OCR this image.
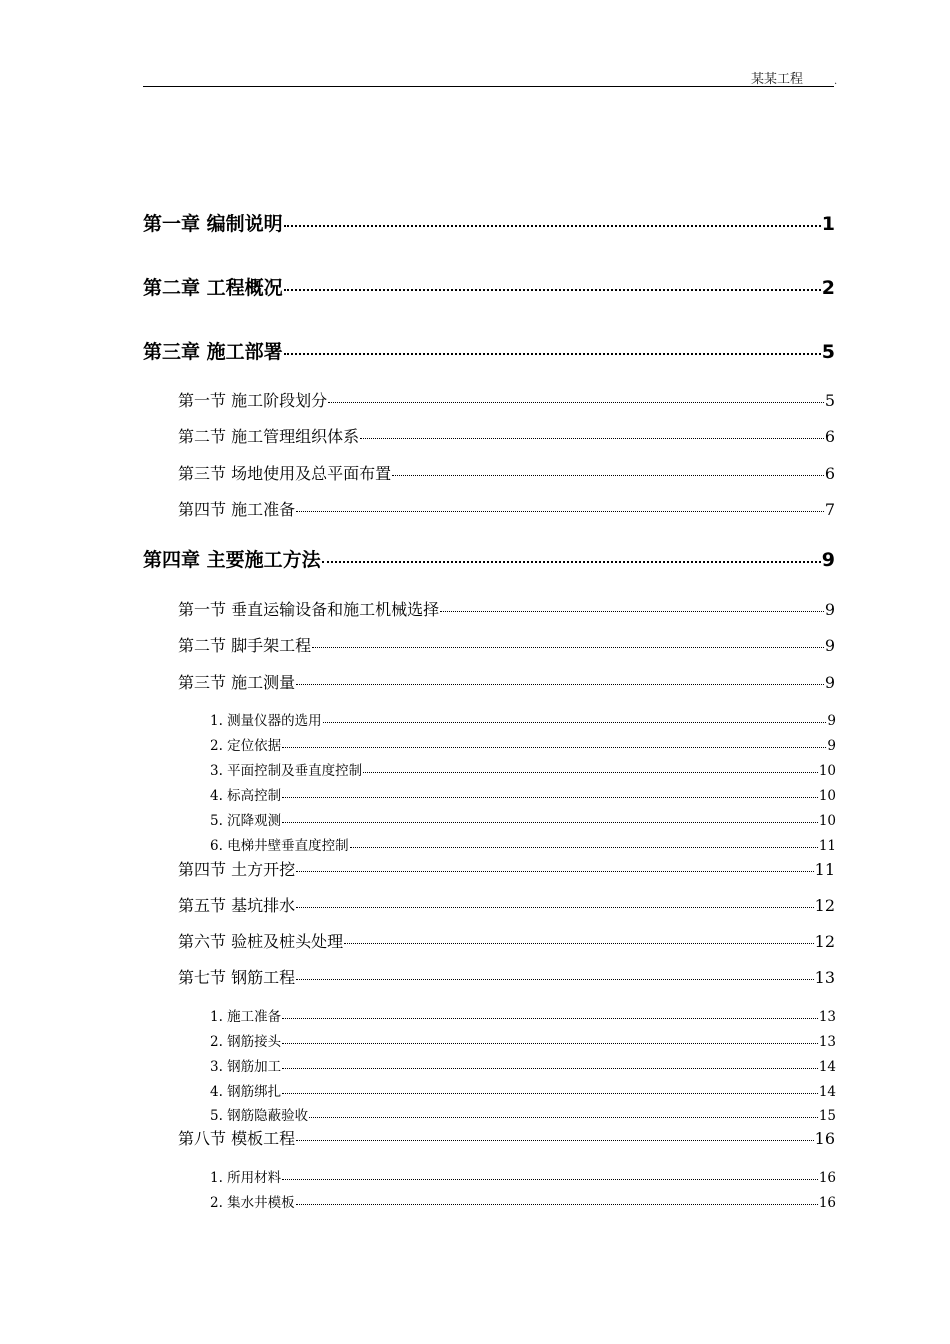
某某工程	.
第一章 编制说明	1
第二章 工程概况	2
第三章 施工部署	5
第一节 施工阶段划分	5
第二节 施工管理组织体系	6
第三节 场地使用及总平面布置	6
第四节 施工准备	7
第四章 主要施工方法	9
第一节 垂直运输设备和施工机械选择	9
第二节 脚手架工程	9
第三节 施工测量	9
1. 测量仪器的选用	9
2. 定位依据	9
3. 平面控制及垂直度控制	10
4. 标高控制	10
5. 沉降观测	10
6. 电梯井壁垂直度控制	11
第四节 土方开挖	11
第五节 基坑排水	12
第六节 验桩及桩头处理	12
第七节 钢筋工程	13
1. 施工准备	13
2. 钢筋接头	13
3. 钢筋加工	14
4. 钢筋绑扎	14
5. 钢筋隐蔽验收	15
第八节 模板工程	16
1. 所用材料	16
2. 集水井模板	16
